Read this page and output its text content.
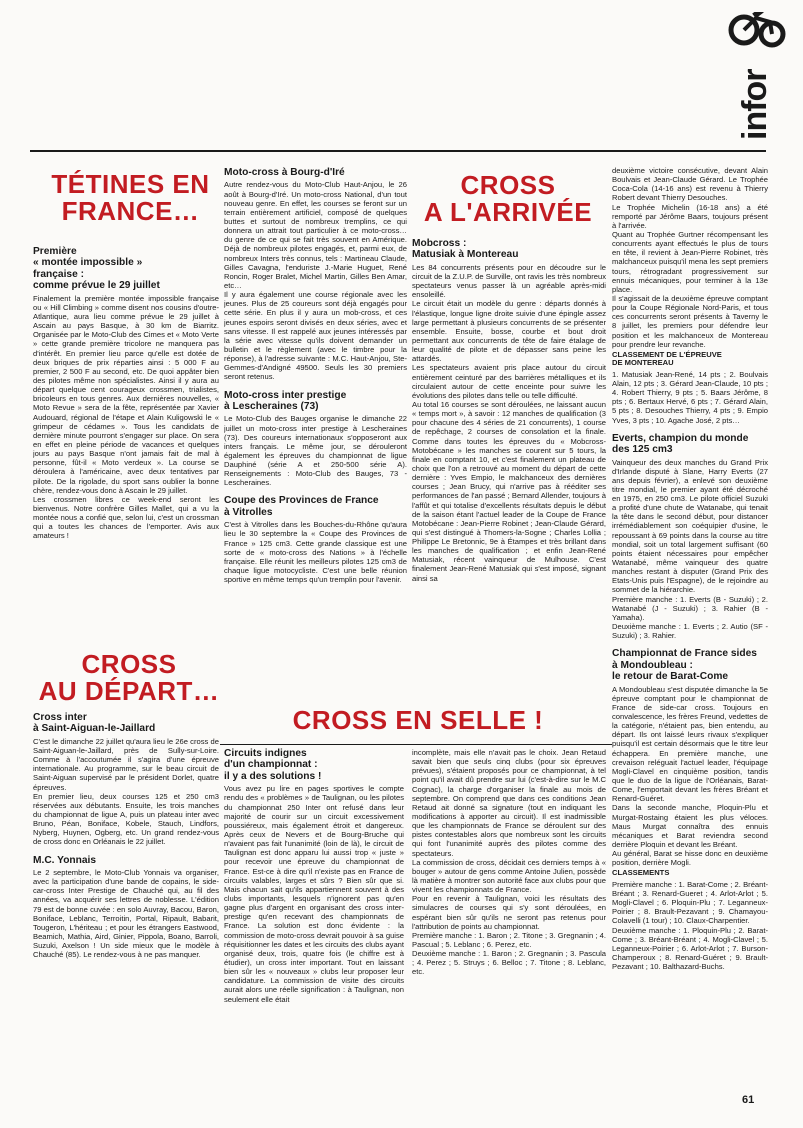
infor
TÉTINES EN
FRANCE…
CROSS
AU DÉPART…
CROSS
A L'ARRIVÉE
CROSS EN SELLE !
Première
« montée impossible »
française :
comme prévue le 29 juillet

Finalement la première montée impossible française ou « Hill Climbing » comme disent nos cousins d'outre-Atlantique, aura lieu comme prévue le 29 juillet à Ascain au pays Basque, à 30 km de Biarritz. Organisée par le Moto-Club des Cimes et « Moto Verte » cette grande première tricolore ne manquera pas d'intérêt. En premier lieu parce qu'elle est dotée de deux briques de prix réparties ainsi : 5 000 F au premier, 2 500 F au second, etc. De quoi appâter bien des pilotes même non spécialistes. Ainsi il y aura au départ quelque cent courageux crossmen, trialistes, bricoleurs en tous genres. Aux dernières nouvelles, « Moto Revue » sera de la fête, représentée par Xavier Audouard, régional de l'étape et Alain Kuligowski le « grimpeur de cédames ». Tous les candidats de dernière minute pourront s'engager sur place. On sera en effet en pleine période de vacances et quelques jours au pays Basque n'ont jamais fait de mal à personne, fût-il « Moto verdeux ». La course se déroulera à l'américaine, avec deux tentatives par pilote. De la rigolade, du sport sans oublier la bonne chère, rendez-vous donc à Ascain le 29 juillet.
Les crossmen libres ce week-end seront les bienvenus. Notre confrère Gilles Mallet, qui a vu la montée nous a confié que, selon lui, c'est un crossman qui a toutes les chances de l'emporter. Avis aux amateurs !

Cross inter
à Saint-Aiguan-le-Jaillard

C'est le dimanche 22 juillet qu'aura lieu le 26e cross de Saint-Aiguan-le-Jaillard, près de Sully-sur-Loire. Comme à l'accoutumée il s'agira d'une épreuve internationale. Au programme, sur le beau circuit de Saint-Aiguan supervisé par le président Dorlet, quatre épreuves.
En premier lieu, deux courses 125 et 250 cm3 réservées aux débutants. Ensuite, les trois manches du championnat de ligue A, puis un plateau inter avec Bruno, Péan, Boniface, Kobele, Stauch, Lindfors, Nyberg, Huynen, Ogberg, etc. Un grand rendez-vous de cross donc en Orléanais le 22 juillet.

M.C. Yonnais

Le 2 septembre, le Moto-Club Yonnais va organiser, avec la participation d'une bande de copains, le side-car-cross Inter Prestige de Chauché qui, au fil des années, va acquérir ses lettres de noblesse. L'édition 79 est de bonne cuvée : en solo Auvray, Bacou, Baron, Boniface, Leblanc, Terroitin, Portal, Ripault, Babarit, Tougeron, L'hériteau ; et pour les étrangers Eastwood, Beamich, Mathia, Aird, Ginier, Pippola, Boano, Barroli, Suzuki, Axelson ! Un side mieux que le modèle à Chauché (85). Le rendez-vous à ne pas manquer.

Moto-cross à Bourg-d'Iré

Autre rendez-vous du Moto-Club Haut-Anjou, le 26 août à Bourg-d'Iré. Un moto-cross National, d'un tout nouveau genre. En effet, les courses se feront sur un terrain entièrement artificiel, composé de quelques buttes et surtout de nombreux tremplins, ce qui donnera un attrait tout particulier à ce moto-cross… du genre de ce qui se fait très souvent en Amérique. Déjà de nombreux pilotes engagés, et, parmi eux, de nombreux Inters très connus, tels : Martineau Claude, Gilles Cavagna, l'enduriste J.-Marie Huguet, René Roncin, Roger Bralet, Michel Martin, Gilles Ben Amar, etc…
Il y aura également une course régionale avec les jeunes. Plus de 25 coureurs sont déjà engagés pour cette série. En plus il y aura un mob-cross, et ces jeunes espoirs seront divisés en deux séries, avec et sans vitesse. Il est rappelé aux jeunes intéressés par la série avec vitesse qu'ils doivent demander un bulletin et le règlement (avec le timbre pour la réponse), à l'adresse suivante : M.C. Haut-Anjou, Ste-Gemmes-d'Andigné 49500. Seuls les 30 premiers seront retenus.

Moto-cross inter prestige
à Lescheraines (73)

Le Moto-Club des Bauges organise le dimanche 22 juillet un moto-cross inter prestige à Lescheraines (73). Des coureurs internationaux s'opposeront aux inters français. Le même jour, se dérouleront également les épreuves du championnat de ligue Dauphiné (série A et 250-500 série A). Renseignements : Moto-Club des Bauges, 73 - Lescheraines.

Coupe des Provinces de France
à Vitrolles

C'est à Vitrolles dans les Bouches-du-Rhône qu'aura lieu le 30 septembre la « Coupe des Provinces de France » 125 cm3. Cette grande classique est une sorte de « moto-cross des Nations » à l'échelle française. Elle réunit les meilleurs pilotes 125 cm3 de chaque ligue motocycliste. C'est une belle réunion sportive en même temps qu'un tremplin pour l'avenir.

Mobcross :
Matusiak à Montereau

Les 84 concurrents présents pour en découdre sur le circuit de la Z.U.P. de Surville, ont ravis les très nombreux spectateurs venus passer là un agréable après-midi ensoleillé.
Le circuit était un modèle du genre : départs donnés à l'élastique, longue ligne droite suivie d'une épingle assez large permettant à plusieurs concurrents de se présenter ensemble. Ensuite, bosse, courbe et bout droit permettant aux concurrents de tête de faire étalage de leur qualité de pilote et de dépasser sans peine les attardés.
Les spectateurs avaient pris place autour du circuit entièrement ceinturé par des barrières métalliques et ils circulaient autour de cette enceinte pour suivre les évolutions des pilotes dans telle ou telle difficulté.
Au total 16 courses se sont déroulées, ne laissant aucun « temps mort », à savoir : 12 manches de qualification (3 pour chacune des 4 séries de 21 concurrents), 1 course de repêchage, 2 courses de consolation et la finale. Comme dans toutes les épreuves du « Mobcross-Motobécane » les manches se courent sur 5 tours, la finale en comptant 10, et c'est finalement un plateau de choix que l'on a retrouvé au moment du départ de cette dernière : Yves Empio, le malchanceux des dernières courses ; Jean Brucy, qui n'arrive pas à rééditer ses performances de l'an passé ; Bernard Allender, toujours à l'affût et qui totalise d'excellents résultats depuis le début de la saison étant l'actuel leader de la Coupe de France Motobécane : Jean-Pierre Robinet ; Jean-Claude Gérard, qui s'est distingué à Thomers-la-Sogne ; Charles Lollia ; Philippe Le Bretonnic, 9e à Étampes et très brillant dans les manches de qualification ; et enfin Jean-René Matusiak, récent vainqueur de Mulhouse. C'est finalement Jean-René Matusiak qui s'est imposé, signant ainsi sa

deuxième victoire consécutive, devant Alain Boulvais et Jean-Claude Gérard. Le Trophée Coca-Cola (14-16 ans) est revenu à Thierry Robert devant Thierry Desouches.
Le Trophée Michelin (16-18 ans) a été remporté par Jérôme Baars, toujours présent à l'arrivée.
Quant au Trophée Gurtner récompensant les concurrents ayant effectués le plus de tours en tête, il revient à Jean-Pierre Robinet, très malchanceux puisqu'il mena les sept premiers tours, rétrogradant progressivement sur ennuis mécaniques, pour terminer à la 13e place.
Il s'agissait de la deuxième épreuve comptant pour la Coupe Régionale Nord-Paris, et tous ces concurrents seront présents à Taverny le 8 juillet, les premiers pour défendre leur position et les malchanceux de Montereau pour prendre leur revanche.

CLASSEMENT DE L'ÉPREUVE
DE MONTEREAU

1. Matusiak Jean-René, 14 pts ; 2. Boulvais Alain, 12 pts ; 3. Gérard Jean-Claude, 10 pts ; 4. Robert Thierry, 9 pts ; 5. Baars Jérôme, 8 pts ; 6. Bertaux Hervé, 6 pts ; 7. Gérard Alain, 5 pts ; 8. Desouches Thierry, 4 pts ; 9. Empio Yves, 3 pts ; 10. Agache José, 2 pts…

Everts, champion du monde
des 125 cm3

Vainqueur des deux manches du Grand Prix d'Irlande disputé à Slane, Harry Everts (27 ans depuis février), a enlevé son deuxième titre mondial, le premier ayant été décroché en 1975, en 250 cm3. Le pilote officiel Suzuki a profité d'une chute de Watanabe, qui tenait la tête dans le second début, pour distancer irrémédiablement son coéquipier d'usine, le repoussant à 69 points dans la course au titre mondial, soit un total largement suffisant (60 points étaient nécessaires pour empêcher Watanabé, même vainqueur des quatre manches restant à disputer (Grand Prix des Etats-Unis puis l'Espagne), de le rejoindre au sommet de la hiérarchie.
Première manche : 1. Everts (B - Suzuki) ; 2. Watanabé (J - Suzuki) ; 3. Rahier (B - Yamaha).
Deuxième manche : 1. Everts ; 2. Autio (SF - Suzuki) ; 3. Rahier.

Championnat de France sides
à Mondoubleau :
le retour de Barat-Come

A Mondoubleau s'est disputée dimanche la 5e épreuve comptant pour le championnat de France de side-car cross. Toujours en convalescence, les frères Freund, vedettes de la catégorie, n'étaient pas, bien entendu, au départ. Ils ont laissé leurs rivaux s'expliquer puisqu'il est certain désormais que le titre leur échappera. En première manche, une crevaison reléguait l'actuel leader, l'équipage Mogli-Clavel en cinquième position, tandis que le duo de la ligue de l'Orléanais, Barat-Come, l'emportait devant les frères Bréant et Renard-Guéret.
Dans la seconde manche, Ploquin-Plu et Murgat-Rostaing étaient les plus véloces. Maus Murgat connaîtra des ennuis mécaniques et Barat reviendra second derrière Ploquin et devant les Bréant.
Au général, Barat se hisse donc en deuxième position, derrière Mogli.

CLASSEMENTS

Première manche : 1. Barat-Come ; 2. Bréant-Bréant ; 3. Renard-Gueret ; 4. Arlot-Arlot ; 5. Mogli-Clavel ; 6. Ploquin-Plu ; 7. Leganneux-Poirier ; 8. Brault-Pezavant ; 9. Chamayou-Colavelli (1 tour) ; 10. Claux-Charpentier.
Deuxième manche : 1. Ploquin-Plu ; 2. Barat-Come ; 3. Bréant-Bréant ; 4. Mogli-Clavel ; 5. Leganneux-Poirier ; 6. Arlot-Arlot ; 7. Burson-Champeroux ; 8. Renard-Guéret ; 9. Brault-Pezavant ; 10. Balthazard-Buchs.

Circuits indignes
d'un championnat :
il y a des solutions !

Vous avez pu lire en pages sportives le compte rendu des « problèmes » de Taulignan, ou les pilotes du championnat 250 Inter ont refusé dans leur majorité de courir sur un circuit excessivement poussiéreux, mais également étroit et dangereux. Après ceux de Nevers et de Bourg-Bruche qui n'avaient pas fait l'unanimité (loin de là), le circuit de Taulignan est donc apparu lui aussi trop « juste » pour recevoir une épreuve du championnat de France. Est-ce à dire qu'il n'existe pas en France de circuits valables, larges et sûrs ? Bien sûr que si. Mais chacun sait qu'ils appartiennent souvent à des clubs importants, lesquels n'ignorent pas qu'en gagne plus d'argent en organisant des cross inter-prestige qu'en recevant des championnats de France. La solution est donc évidente : la commission de moto-cross devrait pouvoir à sa guise réquisitionner les dates et les circuits des clubs ayant organisé deux, trois, quatre fois (le chiffre est à étudier), un cross inter important. Tout en laissant bien sûr les « nouveaux » clubs leur proposer leur candidature. La commission de visite des circuits aurait alors une réelle signification : à Taulignan, non seulement elle était

incomplète, mais elle n'avait pas le choix. Jean Retaud savait bien que seuls cinq clubs (pour six épreuves prévues), s'étaient proposés pour ce championnat, à tel point qu'il avait dû prendre sur lui (c'est-à-dire sur le M.C Cognac), la charge d'organiser la finale au mois de septembre. On comprend que dans ces conditions Jean Retaud ait donné sa signature (tout en indiquant les modifications à apporter au circuit). Il est inadmissible que les championnats de France se déroulent sur des pistes contestables alors que nombreux sont les circuits qui font l'unanimité auprès des pilotes comme des spectateurs.
La commission de cross, décidait ces derniers temps à « bouger » autour de gens comme Antoine Julien, possède là matière à montrer son autorité face aux clubs pour que vivent les championnats de France.
Pour en revenir à Taulignan, voici les résultats des simulacres de courses qui s'y sont déroulées, en espérant bien sûr qu'ils ne seront pas retenus pour l'attribution de points au championnat.
Première manche : 1. Baron ; 2. Titone ; 3. Gregnanin ; 4. Pascual ; 5. Leblanc ; 6. Perez, etc.
Deuxième manche : 1. Baron ; 2. Gregnanin ; 3. Pascula ; 4. Perez ; 5. Struys ; 6. Belloc ; 7. Titone ; 8. Leblanc, etc.

61
